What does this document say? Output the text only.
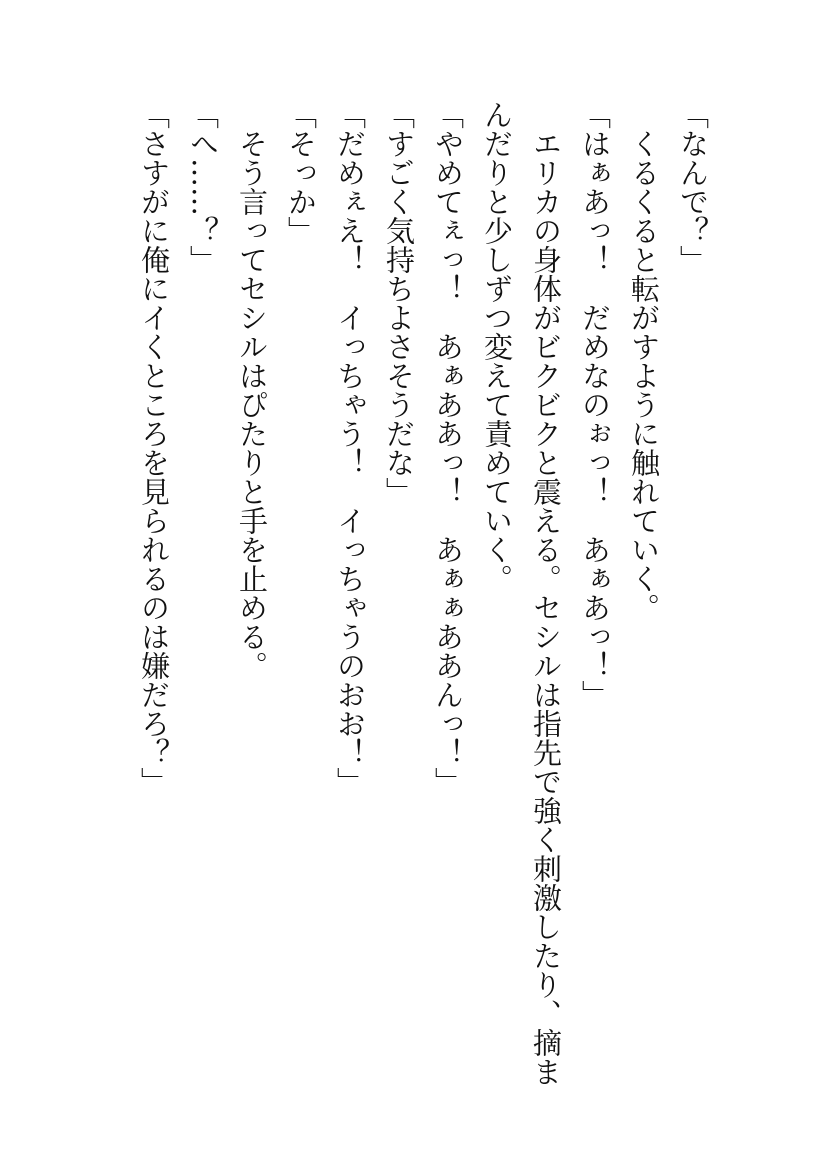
「なんで？」
　くるくると転がすように触れていく。
「はぁあっ！　だめなのぉっ！　あぁあっ！」
　エリカの身体がビクビクと震える。セシルは指先で強く刺激したり、摘まんだりと少しずつ変えて責めていく。
「やめてぇっ！　あぁああっ！　あぁぁああんっ！」
「すごく気持ちよさそうだな」
「だめぇえ！　イっちゃう！　イっちゃうのおお！」
「そっか」
　そう言ってセシルはぴたりと手を止める。
「へ……？」
「さすがに俺にイくところを見られるのは嫌だろ？」
